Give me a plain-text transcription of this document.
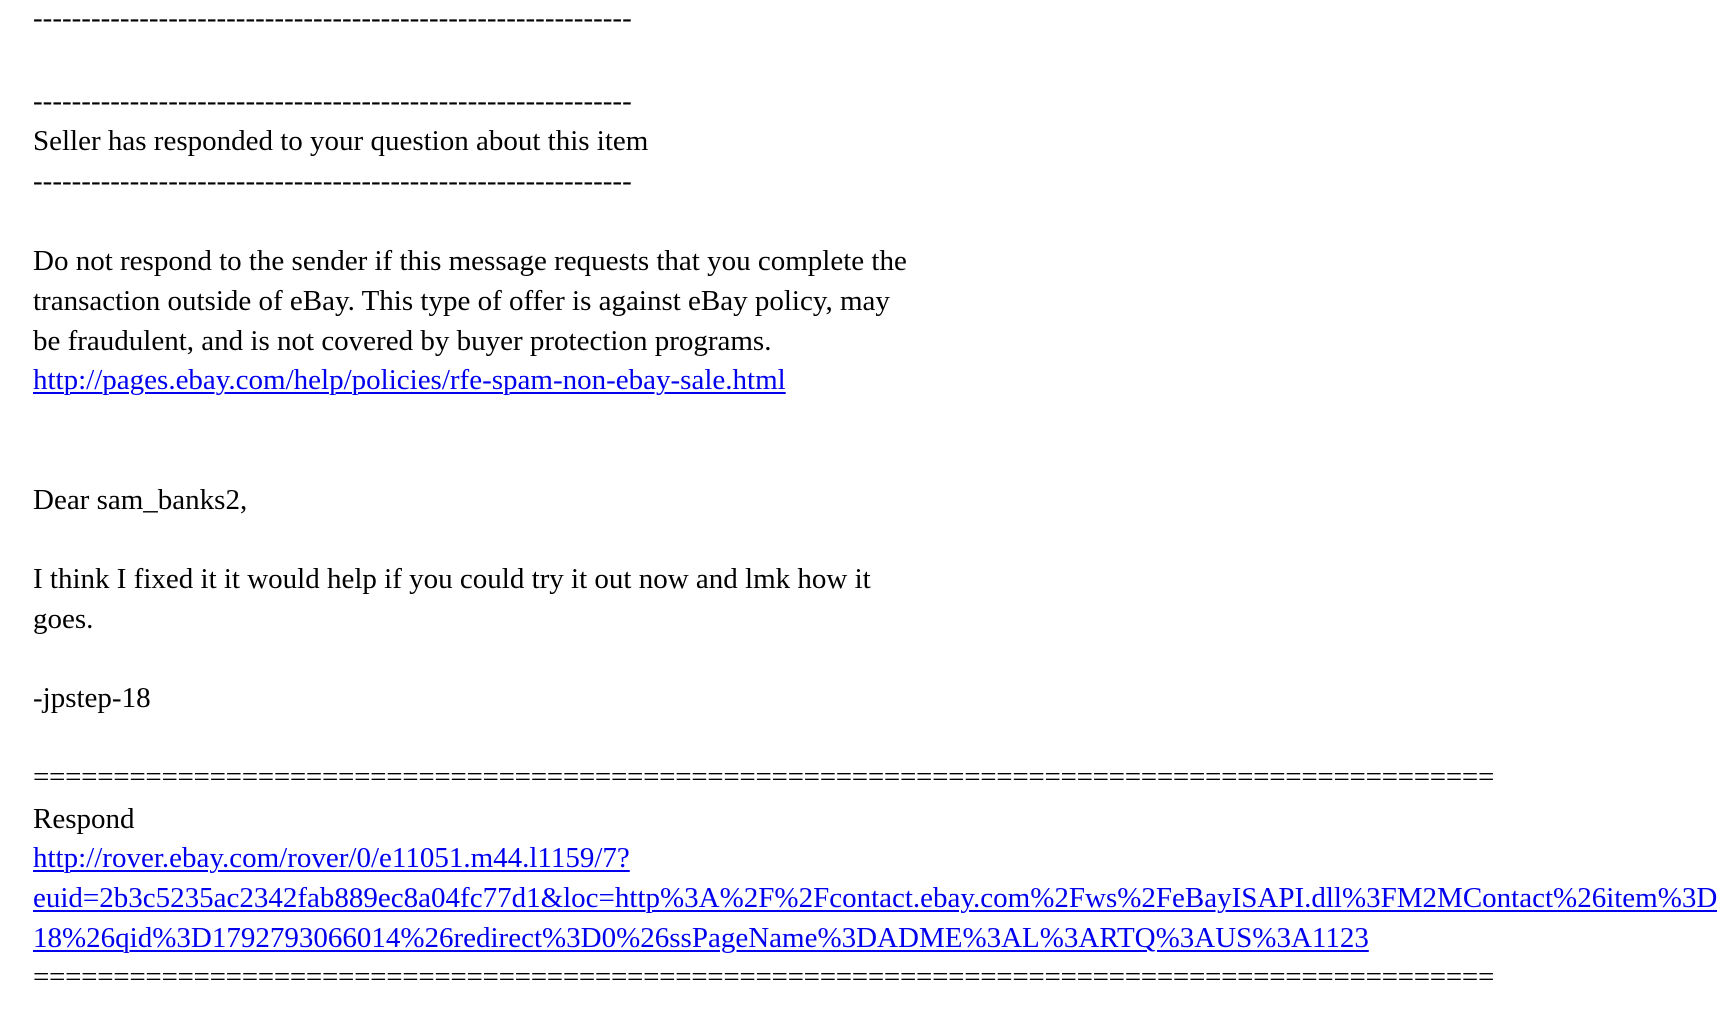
--------------------------------------------------------------
--------------------------------------------------------------
Seller has responded to your question about this item
--------------------------------------------------------------
Do not respond to the sender if this message requests that you complete the
transaction outside of eBay. This type of offer is against eBay policy, may
be fraudulent, and is not covered by buyer protection programs.
http://pages.ebay.com/help/policies/rfe-spam-non-ebay-sale.html
Dear sam_banks2,
I think I fixed it it would help if you could try it out now and lmk how it
goes.
-jpstep-18
===========================================================================================
Respond
http://rover.ebay.com/rover/0/e11051.m44.l1159/7?
euid=2b3c5235ac2342fab889ec8a04fc77d1&loc=http%3A%2F%2Fcontact.ebay.com%2Fws%2FeBayISAPI.dll%3FM2MContact%26item%3D
18%26qid%3D1792793066014%26redirect%3D0%26ssPageName%3DADME%3AL%3ARTQ%3AUS%3A1123
===========================================================================================
